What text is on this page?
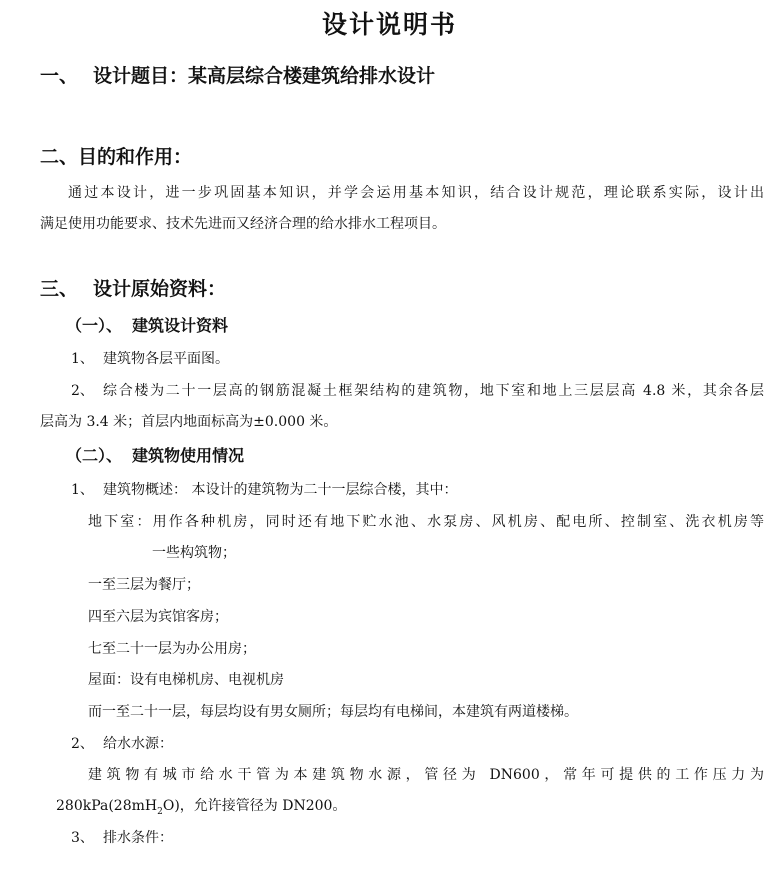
设计说明书
一、 设计题目：某高层综合楼建筑给排水设计
二、目的和作用：
通过本设计，进一步巩固基本知识，并学会运用基本知识，结合设计规范，理论联系实际，设计出
满足使用功能要求、技术先进而又经济合理的给水排水工程项目。
三、 设计原始资料：
（一）、 建筑设计资料
1、 建筑物各层平面图。
2、 综合楼为二十一层高的钢筋混凝土框架结构的建筑物，地下室和地上三层层高 4.8 米，其余各层
层高为 3.4 米；首层内地面标高为±0.000 米。
（二）、 建筑物使用情况
1、 建筑物概述： 本设计的建筑物为二十一层综合楼，其中：
地下室：用作各种机房，同时还有地下贮水池、水泵房、风机房、配电所、控制室、洗衣机房等
一些构筑物；
一至三层为餐厅；
四至六层为宾馆客房；
七至二十一层为办公用房；
屋面：设有电梯机房、电视机房
而一至二十一层，每层均设有男女厕所；每层均有电梯间，本建筑有两道楼梯。
2、 给水水源：
建筑物有城市给水干管为本建筑物水源，管径为 DN600，常年可提供的工作压力为
$280kPa(28mH_2O)$，允许接管径为 DN200。
3、 排水条件：
